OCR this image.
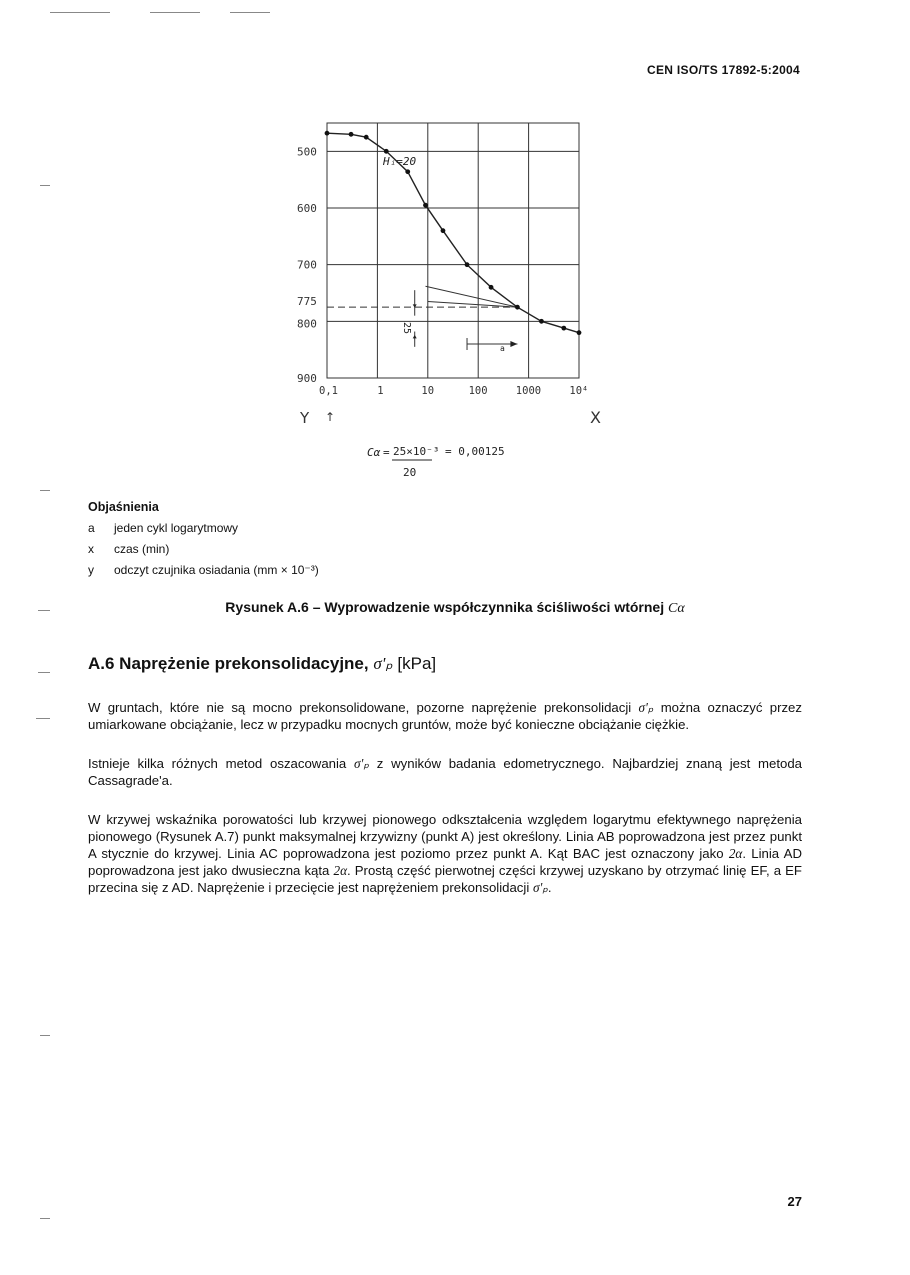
CEN ISO/TS 17892-5:2004
500
600
700
775
800
900
0,1	1	10	100	1000	10⁴
Hᵢ=20
25
a
Y ↑	X
Cα = 25×10⁻³ = 0,00125
20
Objaśnienia
a jeden cykl logarytmowy
x czas (min)
y odczyt czujnika osiadania (mm × 10⁻³)
Rysunek A.6 – Wyprowadzenie współczynnika ściśliwości wtórnej Cα
A.6 Naprężenie prekonsolidacyjne, σ'ₚ [kPa]
W gruntach, które nie są mocno prekonsolidowane, pozorne naprężenie prekonsolidacji σ'ₚ można oznaczyć przez umiarkowane obciążanie, lecz w przypadku mocnych gruntów, może być konieczne obciążanie ciężkie.
Istnieje kilka różnych metod oszacowania σ'ₚ z wyników badania edometrycznego. Najbardziej znaną jest metoda Cassagrade'a.
W krzywej wskaźnika porowatości lub krzywej pionowego odkształcenia względem logarytmu efektywnego naprężenia pionowego (Rysunek A.7) punkt maksymalnej krzywizny (punkt A) jest określony. Linia AB poprowadzona jest przez punkt A stycznie do krzywej. Linia AC poprowadzona jest poziomo przez punkt A. Kąt BAC jest oznaczony jako 2α. Linia AD poprowadzona jest jako dwusieczna kąta 2α. Prostą część pierwotnej części krzywej uzyskano by otrzymać linię EF, a EF przecina się z AD. Naprężenie i przecięcie jest naprężeniem prekonsolidacji σ'ₚ.
27
